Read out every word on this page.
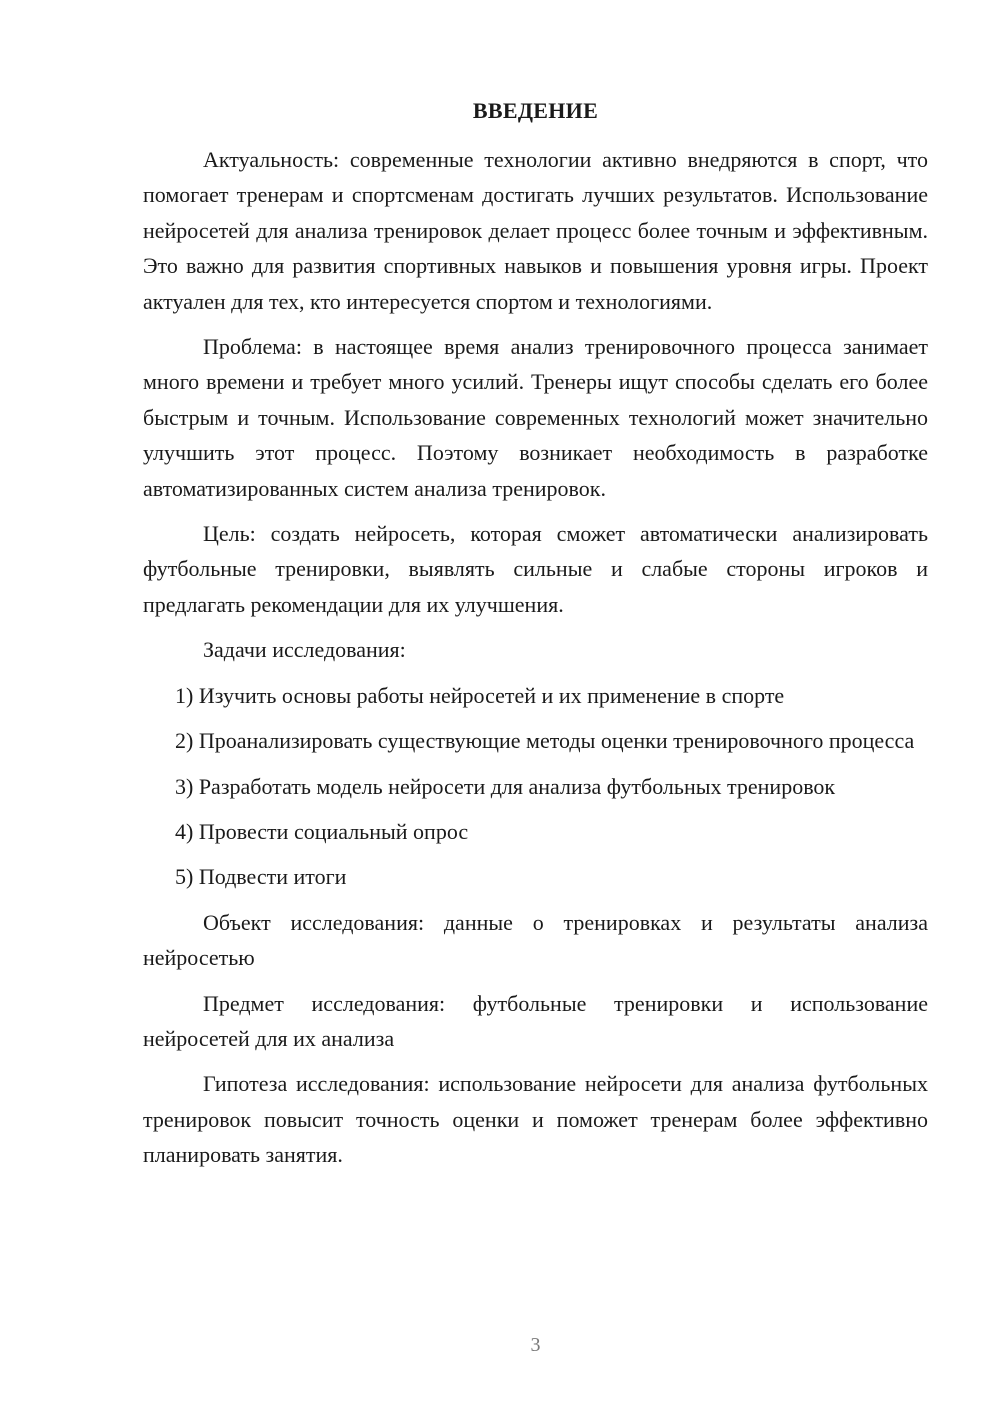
ВВЕДЕНИЕ

Актуальность: современные технологии активно внедряются в спорт, что помогает тренерам и спортсменам достигать лучших результатов. Использование нейросетей для анализа тренировок делает процесс более точным и эффективным. Это важно для развития спортивных навыков и повышения уровня игры. Проект актуален для тех, кто интересуется спортом и технологиями.

Проблема: в настоящее время анализ тренировочного процесса занимает много времени и требует много усилий. Тренеры ищут способы сделать его более быстрым и точным. Использование современных технологий может значительно улучшить этот процесс. Поэтому возникает необходимость в разработке автоматизированных систем анализа тренировок.

Цель: создать нейросеть, которая сможет автоматически анализировать футбольные тренировки, выявлять сильные и слабые стороны игроков и предлагать рекомендации для их улучшения.

Задачи исследования:

1) Изучить основы работы нейросетей и их применение в спорте

2) Проанализировать существующие методы оценки тренировочного процесса

3) Разработать модель нейросети для анализа футбольных тренировок

4) Провести социальный опрос

5) Подвести итоги

Объект исследования: данные о тренировках и результаты анализа нейросетью

Предмет исследования: футбольные тренировки и использование нейросетей для их анализа

Гипотеза исследования: использование нейросети для анализа футбольных тренировок повысит точность оценки и поможет тренерам более эффективно планировать занятия.

3
